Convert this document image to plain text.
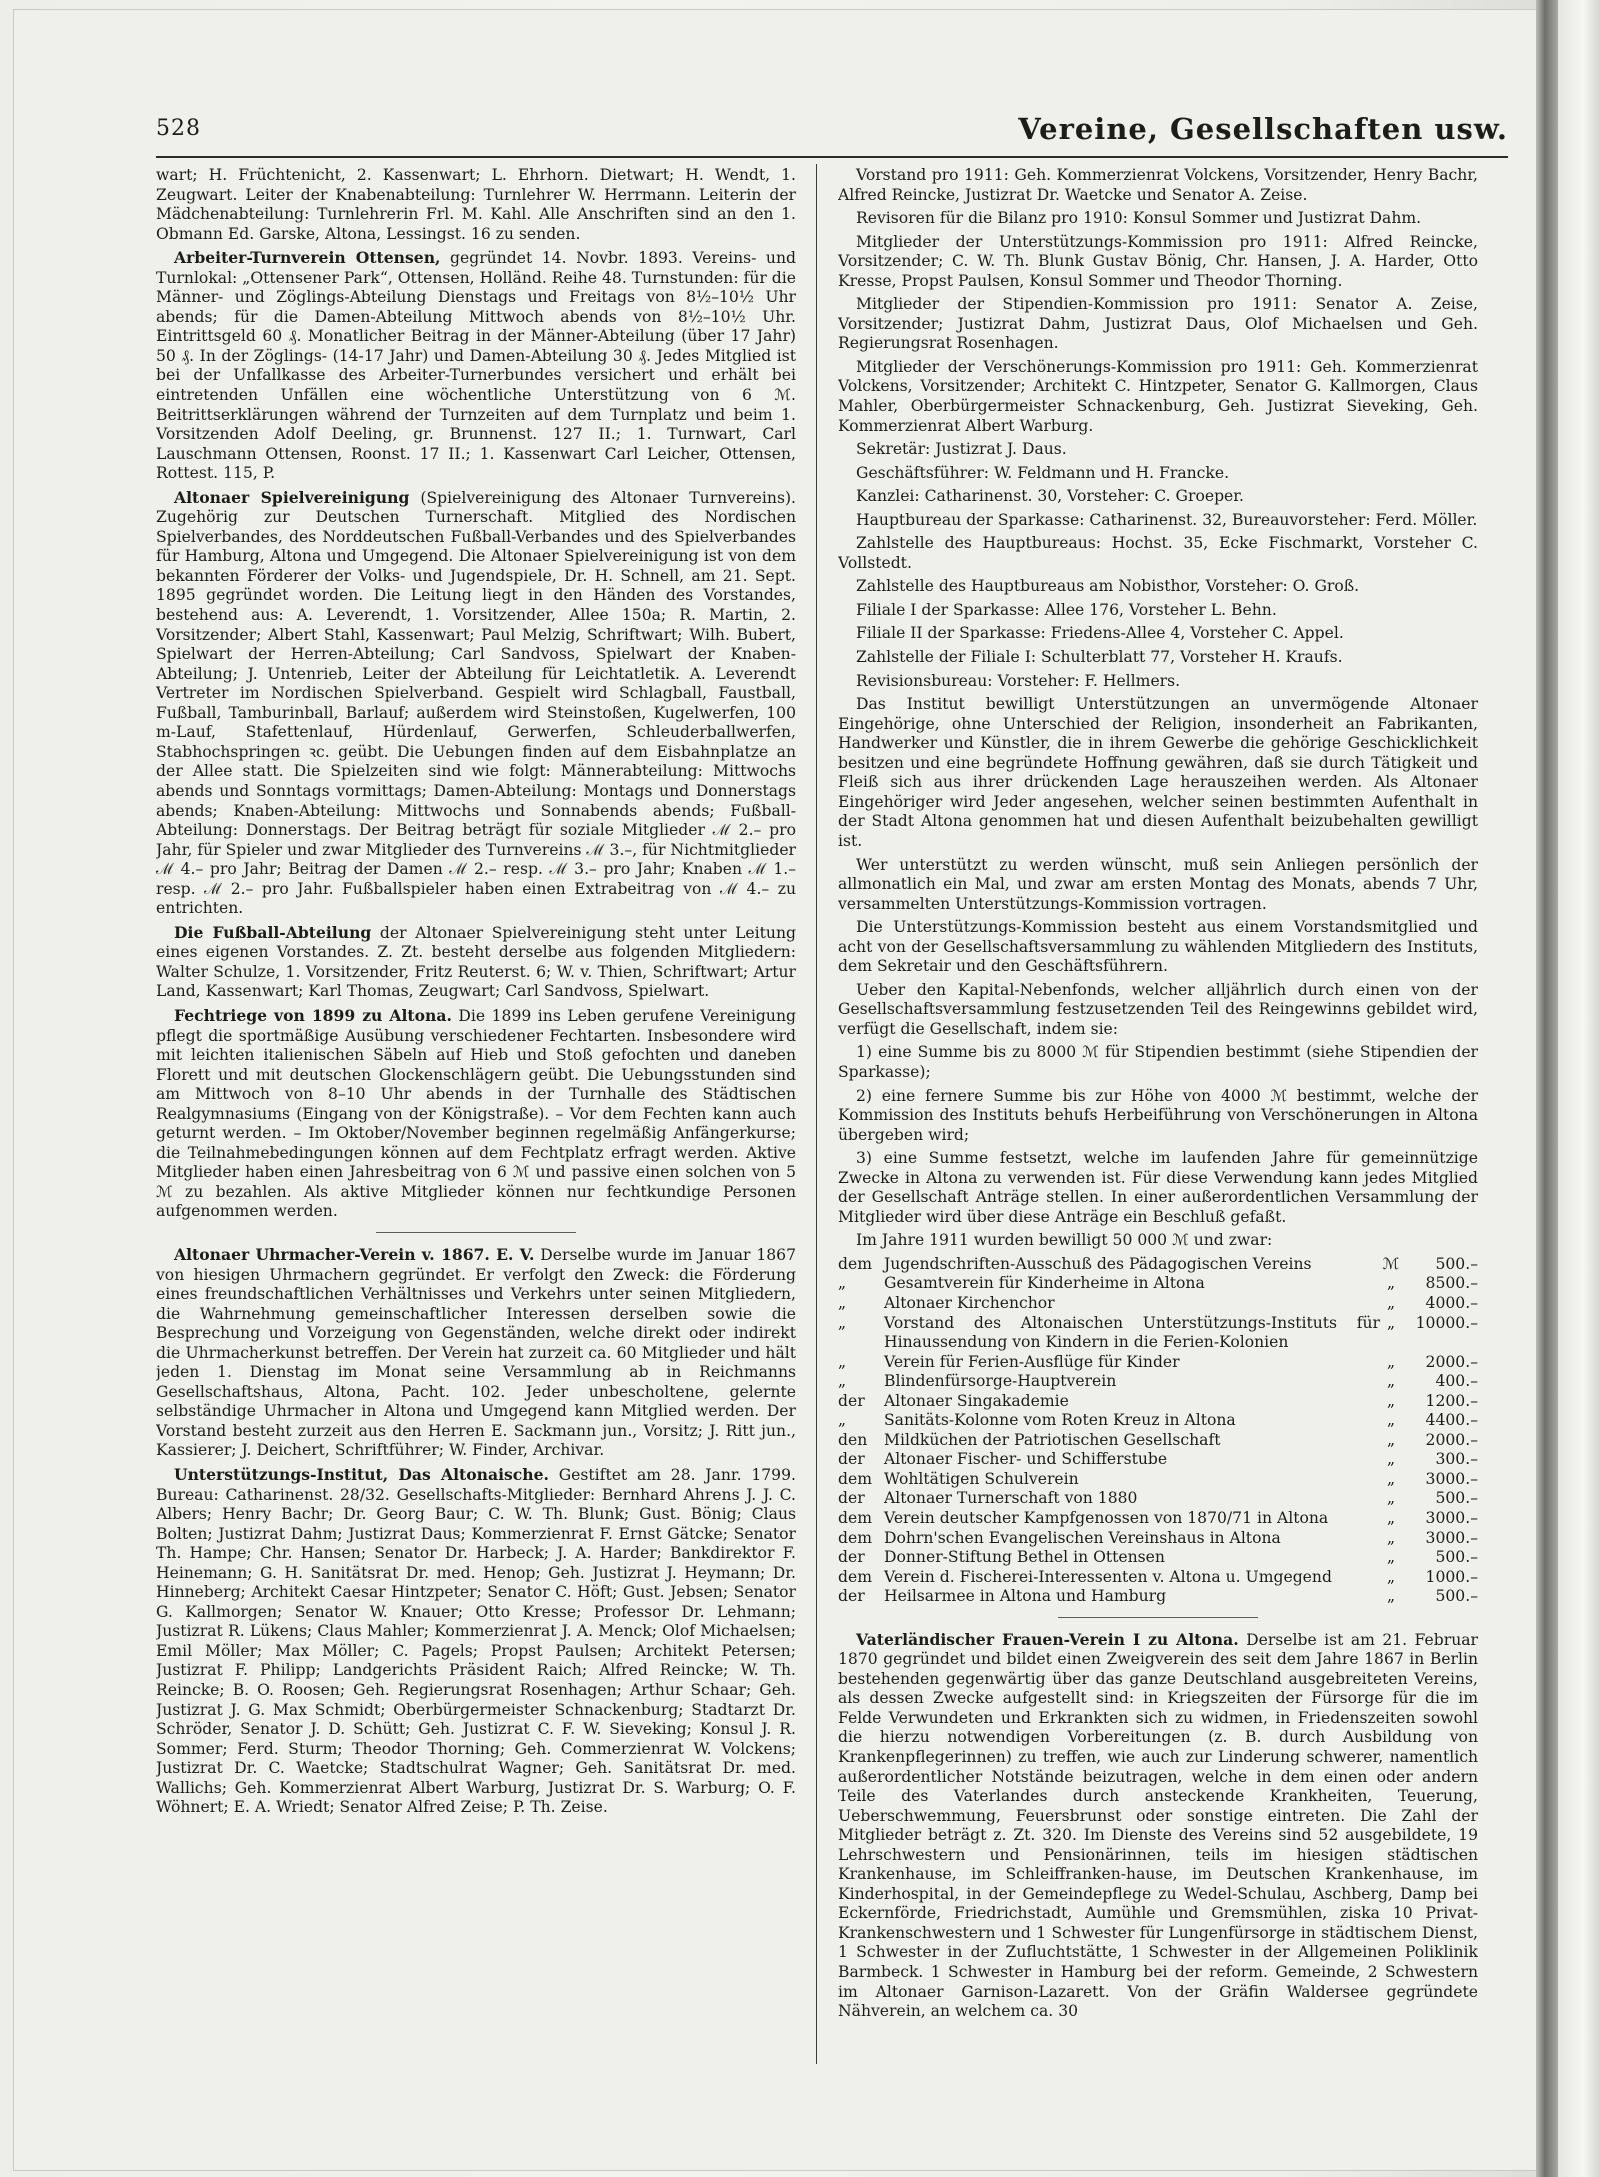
528	Vereine, Gesellschaften usw.

wart; H. Früchtenicht, 2. Kassenwart; L. Ehrhorn. Dietwart; H. Wendt, 1. Zeugwart. Leiter der Knabenabteilung: Turnlehrer W. Herrmann. Leiterin der Mädchenabteilung: Turnlehrerin Frl. M. Kahl. Alle Anschriften sind an den 1. Obmann Ed. Garske, Altona, Lessingst. 16 zu senden.

Arbeiter-Turnverein Ottensen, gegründet 14. Novbr. 1893. Vereins- und Turnlokal: „Ottensener Park“, Ottensen, Holländ. Reihe 48. Turnstunden: für die Männer- und Zöglings-Abteilung Dienstags und Freitags von 8½–10½ Uhr abends; für die Damen-Abteilung Mittwoch abends von 8½–10½ Uhr. Eintrittsgeld 60 ₰. Monatlicher Beitrag in der Männer-Abteilung (über 17 Jahr) 50 ₰. In der Zöglings- (14-17 Jahr) und Damen-Abteilung 30 ₰. Jedes Mitglied ist bei der Unfallkasse des Arbeiter-Turnerbundes versichert und erhält bei eintretenden Unfällen eine wöchentliche Unterstützung von 6 ℳ. Beitrittserklärungen während der Turnzeiten auf dem Turnplatz und beim 1. Vorsitzenden Adolf Deeling, gr. Brunnenst. 127 II.; 1. Turnwart, Carl Lauschmann Ottensen, Roonst. 17 II.; 1. Kassenwart Carl Leicher, Ottensen, Rottest. 115, P.

Altonaer Spielvereinigung (Spielvereinigung des Altonaer Turnvereins). Zugehörig zur Deutschen Turnerschaft. Mitglied des Nordischen Spielverbandes, des Norddeutschen Fußball-Verbandes und des Spielverbandes für Hamburg, Altona und Umgegend. Die Altonaer Spielvereinigung ist von dem bekannten Förderer der Volks- und Jugendspiele, Dr. H. Schnell, am 21. Sept. 1895 gegründet worden. Die Leitung liegt in den Händen des Vorstandes, bestehend aus: A. Leverendt, 1. Vorsitzender, Allee 150a; R. Martin, 2. Vorsitzender; Albert Stahl, Kassenwart; Paul Melzig, Schriftwart; Wilh. Bubert, Spielwart der Herren-Abteilung; Carl Sandvoss, Spielwart der Knaben-Abteilung; J. Untenrieb, Leiter der Abteilung für Leichtatletik. A. Leverendt Vertreter im Nordischen Spielverband. Gespielt wird Schlagball, Faustball, Fußball, Tamburinball, Barlauf; außerdem wird Steinstoßen, Kugelwerfen, 100 m-Lauf, Stafettenlauf, Hürdenlauf, Gerwerfen, Schleuderballwerfen, Stabhochspringen ꝛc. geübt. Die Uebungen finden auf dem Eisbahnplatze an der Allee statt. Die Spielzeiten sind wie folgt: Männerabteilung: Mittwochs abends und Sonntags vormittags; Damen-Abteilung: Montags und Donnerstags abends; Knaben-Abteilung: Mittwochs und Sonnabends abends; Fußball-Abteilung: Donnerstags. Der Beitrag beträgt für soziale Mitglieder ℳ 2.– pro Jahr, für Spieler und zwar Mitglieder des Turnvereins ℳ 3.–, für Nichtmitglieder ℳ 4.– pro Jahr; Beitrag der Damen ℳ 2.– resp. ℳ 3.– pro Jahr; Knaben ℳ 1.– resp. ℳ 2.– pro Jahr. Fußballspieler haben einen Extrabeitrag von ℳ 4.– zu entrichten.

Die Fußball-Abteilung der Altonaer Spielvereinigung steht unter Leitung eines eigenen Vorstandes. Z. Zt. besteht derselbe aus folgenden Mitgliedern: Walter Schulze, 1. Vorsitzender, Fritz Reuterst. 6; W. v. Thien, Schriftwart; Artur Land, Kassenwart; Karl Thomas, Zeugwart; Carl Sandvoss, Spielwart.

Fechtriege von 1899 zu Altona. Die 1899 ins Leben gerufene Vereinigung pflegt die sportmäßige Ausübung verschiedener Fechtarten. Insbesondere wird mit leichten italienischen Säbeln auf Hieb und Stoß gefochten und daneben Florett und mit deutschen Glockenschlägern geübt. Die Uebungsstunden sind am Mittwoch von 8–10 Uhr abends in der Turnhalle des Städtischen Realgymnasiums (Eingang von der Königstraße). – Vor dem Fechten kann auch geturnt werden. – Im Oktober/November beginnen regelmäßig Anfängerkurse; die Teilnahmebedingungen können auf dem Fechtplatz erfragt werden. Aktive Mitglieder haben einen Jahresbeitrag von 6 ℳ und passive einen solchen von 5 ℳ zu bezahlen. Als aktive Mitglieder können nur fechtkundige Personen aufgenommen werden.

Altonaer Uhrmacher-Verein v. 1867. E. V. Derselbe wurde im Januar 1867 von hiesigen Uhrmachern gegründet. Er verfolgt den Zweck: die Förderung eines freundschaftlichen Verhältnisses und Verkehrs unter seinen Mitgliedern, die Wahrnehmung gemeinschaftlicher Interessen derselben sowie die Besprechung und Vorzeigung von Gegenständen, welche direkt oder indirekt die Uhrmacherkunst betreffen. Der Verein hat zurzeit ca. 60 Mitglieder und hält jeden 1. Dienstag im Monat seine Versammlung ab in Reichmanns Gesellschaftshaus, Altona, Pacht. 102. Jeder unbescholtene, gelernte selbständige Uhrmacher in Altona und Umgegend kann Mitglied werden. Der Vorstand besteht zurzeit aus den Herren E. Sackmann jun., Vorsitz; J. Ritt jun., Kassierer; J. Deichert, Schriftführer; W. Finder, Archivar.

Unterstützungs-Institut, Das Altonaische. Gestiftet am 28. Janr. 1799. Bureau: Catharinenst. 28/32. Gesellschafts-Mitglieder: Bernhard Ahrens J. J. C. Albers; Henry Bachr; Dr. Georg Baur; C. W. Th. Blunk; Gust. Bönig; Claus Bolten; Justizrat Dahm; Justizrat Daus; Kommerzienrat F. Ernst Gätcke; Senator Th. Hampe; Chr. Hansen; Senator Dr. Harbeck; J. A. Harder; Bankdirektor F. Heinemann; G. H. Sanitätsrat Dr. med. Henop; Geh. Justizrat J. Heymann; Dr. Hinneberg; Architekt Caesar Hintzpeter; Senator C. Höft; Gust. Jebsen; Senator G. Kallmorgen; Senator W. Knauer; Otto Kresse; Professor Dr. Lehmann; Justizrat R. Lükens; Claus Mahler; Kommerzienrat J. A. Menck; Olof Michaelsen; Emil Möller; Max Möller; C. Pagels; Propst Paulsen; Architekt Petersen; Justizrat F. Philipp; Landgerichts Präsident Raich; Alfred Reincke; W. Th. Reincke; B. O. Roosen; Geh. Regierungsrat Rosenhagen; Arthur Schaar; Geh. Justizrat J. G. Max Schmidt; Oberbürgermeister Schnackenburg; Stadtarzt Dr. Schröder, Senator J. D. Schütt; Geh. Justizrat C. F. W. Sieveking; Konsul J. R. Sommer; Ferd. Sturm; Theodor Thorning; Geh. Commerzienrat W. Volckens; Justizrat Dr. C. Waetcke; Stadtschulrat Wagner; Geh. Sanitätsrat Dr. med. Wallichs; Geh. Kommerzienrat Albert Warburg, Justizrat Dr. S. Warburg; O. F. Wöhnert; E. A. Wriedt; Senator Alfred Zeise; P. Th. Zeise.

Vorstand pro 1911: Geh. Kommerzienrat Volckens, Vorsitzender, Henry Bachr, Alfred Reincke, Justizrat Dr. Waetcke und Senator A. Zeise.

Revisoren für die Bilanz pro 1910: Konsul Sommer und Justizrat Dahm.

Mitglieder der Unterstützungs-Kommission pro 1911: Alfred Reincke, Vorsitzender; C. W. Th. Blunk Gustav Bönig, Chr. Hansen, J. A. Harder, Otto Kresse, Propst Paulsen, Konsul Sommer und Theodor Thorning.

Mitglieder der Stipendien-Kommission pro 1911: Senator A. Zeise, Vorsitzender; Justizrat Dahm, Justizrat Daus, Olof Michaelsen und Geh. Regierungsrat Rosenhagen.

Mitglieder der Verschönerungs-Kommission pro 1911: Geh. Kommerzienrat Volckens, Vorsitzender; Architekt C. Hintzpeter, Senator G. Kallmorgen, Claus Mahler, Oberbürgermeister Schnackenburg, Geh. Justizrat Sieveking, Geh. Kommerzienrat Albert Warburg.

Sekretär: Justizrat J. Daus.

Geschäftsführer: W. Feldmann und H. Francke.

Kanzlei: Catharinenst. 30, Vorsteher: C. Groeper.

Hauptbureau der Sparkasse: Catharinenst. 32, Bureauvorsteher: Ferd. Möller.

Zahlstelle des Hauptbureaus: Hochst. 35, Ecke Fischmarkt, Vorsteher C. Vollstedt.

Zahlstelle des Hauptbureaus am Nobisthor, Vorsteher: O. Groß.

Filiale I der Sparkasse: Allee 176, Vorsteher L. Behn.

Filiale II der Sparkasse: Friedens-Allee 4, Vorsteher C. Appel.

Zahlstelle der Filiale I: Schulterblatt 77, Vorsteher H. Kraufs.

Revisionsbureau: Vorsteher: F. Hellmers.

Das Institut bewilligt Unterstützungen an unvermögende Altonaer Eingehörige, ohne Unterschied der Religion, insonderheit an Fabrikanten, Handwerker und Künstler, die in ihrem Gewerbe die gehörige Geschicklichkeit besitzen und eine begründete Hoffnung gewähren, daß sie durch Tätigkeit und Fleiß sich aus ihrer drückenden Lage herauszeihen werden. Als Altonaer Eingehöriger wird Jeder angesehen, welcher seinen bestimmten Aufenthalt in der Stadt Altona genommen hat und diesen Aufenthalt beizubehalten gewilligt ist.

Wer unterstützt zu werden wünscht, muß sein Anliegen persönlich der allmonatlich ein Mal, und zwar am ersten Montag des Monats, abends 7 Uhr, versammelten Unterstützungs-Kommission vortragen.

Die Unterstützungs-Kommission besteht aus einem Vorstandsmitglied und acht von der Gesellschaftsversammlung zu wählenden Mitgliedern des Instituts, dem Sekretair und den Geschäftsführern.

Ueber den Kapital-Nebenfonds, welcher alljährlich durch einen von der Gesellschaftsversammlung festzusetzenden Teil des Reingewinns gebildet wird, verfügt die Gesellschaft, indem sie:

1) eine Summe bis zu 8000 ℳ für Stipendien bestimmt (siehe Stipendien der Sparkasse);

2) eine fernere Summe bis zur Höhe von 4000 ℳ bestimmt, welche der Kommission des Instituts behufs Herbeiführung von Verschönerungen in Altona übergeben wird;

3) eine Summe festsetzt, welche im laufenden Jahre für gemeinnützige Zwecke in Altona zu verwenden ist. Für diese Verwendung kann jedes Mitglied der Gesellschaft Anträge stellen. In einer außerordentlichen Versammlung der Mitglieder wird über diese Anträge ein Beschluß gefaßt.

Im Jahre 1911 wurden bewilligt 50 000 ℳ und zwar:

dem	Jugendschriften-Ausschuß des Pädagogischen Vereins	ℳ	500.–
„	Gesamtverein für Kinderheime in Altona	„	8500.–
„	Altonaer Kirchenchor	„	4000.–
„	Vorstand des Altonaischen Unterstützungs-Instituts für Hinaussendung von Kindern in die Ferien-Kolonien	„	10000.–
„	Verein für Ferien-Ausflüge für Kinder	„	2000.–
„	Blindenfürsorge-Hauptverein	„	400.–
der	Altonaer Singakademie	„	1200.–
„	Sanitäts-Kolonne vom Roten Kreuz in Altona	„	4400.–
den	Mildküchen der Patriotischen Gesellschaft	„	2000.–
der	Altonaer Fischer- und Schifferstube	„	300.–
dem	Wohltätigen Schulverein	„	3000.–
der	Altonaer Turnerschaft von 1880	„	500.–
dem	Verein deutscher Kampfgenossen von 1870/71 in Altona	„	3000.–
dem	Dohrn'schen Evangelischen Vereinshaus in Altona	„	3000.–
der	Donner-Stiftung Bethel in Ottensen	„	500.–
dem	Verein d. Fischerei-Interessenten v. Altona u. Umgegend	„	1000.–
der	Heilsarmee in Altona und Hamburg	„	500.–

Vaterländischer Frauen-Verein I zu Altona. Derselbe ist am 21. Februar 1870 gegründet und bildet einen Zweigverein des seit dem Jahre 1867 in Berlin bestehenden gegenwärtig über das ganze Deutschland ausgebreiteten Vereins, als dessen Zwecke aufgestellt sind: in Kriegszeiten der Fürsorge für die im Felde Verwundeten und Erkrankten sich zu widmen, in Friedenszeiten sowohl die hierzu notwendigen Vorbereitungen (z. B. durch Ausbildung von Krankenpflegerinnen) zu treffen, wie auch zur Linderung schwerer, namentlich außerordentlicher Notstände beizutragen, welche in dem einen oder andern Teile des Vaterlandes durch ansteckende Krankheiten, Teuerung, Ueberschwemmung, Feuersbrunst oder sonstige eintreten. Die Zahl der Mitglieder beträgt z. Zt. 320. Im Dienste des Vereins sind 52 ausgebildete, 19 Lehrschwestern und Pensionärinnen, teils im hiesigen städtischen Krankenhause, im Schleiffranken-hause, im Deutschen Krankenhause, im Kinderhospital, in der Gemeindepflege zu Wedel-Schulau, Aschberg, Damp bei Eckernförde, Friedrichstadt, Aumühle und Gremsmühlen, ziska 10 Privat-Krankenschwestern und 1 Schwester für Lungenfürsorge in städtischem Dienst, 1 Schwester in der Zufluchtstätte, 1 Schwester in der Allgemeinen Poliklinik Barmbeck. 1 Schwester in Hamburg bei der reform. Gemeinde, 2 Schwestern im Altonaer Garnison-Lazarett. Von der Gräfin Waldersee gegründete Nähverein, an welchem ca. 30
